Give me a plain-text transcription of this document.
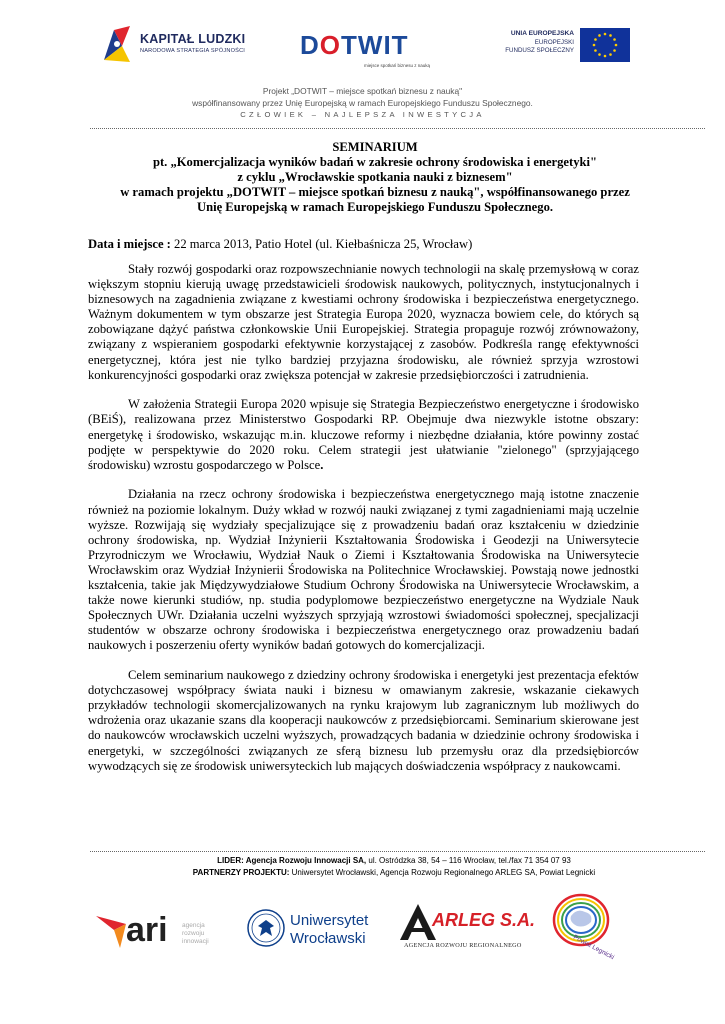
KAPITAŁ LUDZKI
NARODOWA STRATEGIA SPÓJNOŚCI DOTWIT
miejsce spotkań biznesu z nauką
UNIA EUROPEJSKA
EUROPEJSKI
FUNDUSZ SPOŁECZNY
Projekt „DOTWIT – miejsce spotkań biznesu z nauką"
współfinansowany przez Unię Europejską w ramach Europejskiego Funduszu Społecznego.
CZŁOWIEK – NAJLEPSZA INWESTYCJA
SEMINARIUM
pt. „Komercjalizacja wyników badań w zakresie ochrony środowiska i energetyki"
z cyklu „Wrocławskie spotkania nauki z biznesem"
w ramach projektu „DOTWIT – miejsce spotkań biznesu z nauką", współfinansowanego przez
Unię Europejską w ramach Europejskiego Funduszu Społecznego.
Data i miejsce : 22 marca 2013, Patio Hotel (ul. Kiełbaśnicza 25, Wrocław)

Stały rozwój gospodarki oraz rozpowszechnianie nowych technologii na skalę przemysłową w coraz większym stopniu kierują uwagę przedstawicieli środowisk naukowych, politycznych, instytucjonalnych i biznesowych na zagadnienia związane z kwestiami ochrony środowiska i bezpieczeństwa energetycznego. Ważnym dokumentem w tym obszarze jest Strategia Europa 2020, wyznacza bowiem cele, do których są zobowiązane dążyć państwa członkowskie Unii Europejskiej. Strategia propaguje rozwój zrównoważony, związany z wspieraniem gospodarki efektywnie korzystającej z zasobów. Podkreśla rangę efektywności energetycznej, która jest nie tylko bardziej przyjazna środowisku, ale również sprzyja wzrostowi konkurencyjności gospodarki oraz zwiększa potencjał w zakresie przedsiębiorczości i zatrudnienia.

W założenia Strategii Europa 2020 wpisuje się Strategia Bezpieczeństwo energetyczne i środowisko (BEiŚ), realizowana przez Ministerstwo Gospodarki RP. Obejmuje dwa niezwykle istotne obszary: energetykę i środowisko, wskazując m.in. kluczowe reformy i niezbędne działania, które powinny zostać podjęte w perspektywie do 2020 roku. Celem strategii jest ułatwianie "zielonego" (sprzyjającego środowisku) wzrostu gospodarczego w Polsce.

Działania na rzecz ochrony środowiska i bezpieczeństwa energetycznego mają istotne znaczenie również na poziomie lokalnym. Duży wkład w rozwój nauki związanej z tymi zagadnieniami mają uczelnie wyższe. Rozwijają się wydziały specjalizujące się z prowadzeniu badań oraz kształceniu w dziedzinie ochrony środowiska, np. Wydział Inżynierii Kształtowania Środowiska i Geodezji na Uniwersytecie Przyrodniczym we Wrocławiu, Wydział Nauk o Ziemi i Kształtowania Środowiska na Uniwersytecie Wrocławskim oraz Wydział Inżynierii Środowiska na Politechnice Wrocławskiej. Powstają nowe jednostki kształcenia, takie jak Międzywydziałowe Studium Ochrony Środowiska na Uniwersytecie Wrocławskim, a także nowe kierunki studiów, np. studia podyplomowe bezpieczeństwo energetyczne na Wydziale Nauk Społecznych UWr. Działania uczelni wyższych sprzyjają wzrostowi świadomości społecznej, specjalizacji studentów w obszarze ochrony środowiska i bezpieczeństwa energetycznego oraz prowadzeniu badań naukowych i poszerzeniu oferty wyników badań gotowych do komercjalizacji.

Celem seminarium naukowego z dziedziny ochrony środowiska i energetyki jest prezentacja efektów dotychczasowej współpracy świata nauki i biznesu w omawianym zakresie, wskazanie ciekawych przykładów technologii skomercjalizowanych na rynku krajowym lub zagranicznym lub możliwych do wdrożenia oraz ukazanie szans dla kooperacji naukowców z przedsiębiorcami. Seminarium skierowane jest do naukowców wrocławskich uczelni wyższych, prowadzących badania w dziedzinie ochrony środowiska i energetyki, w szczególności związanych ze sferą biznesu lub przemysłu oraz dla przedsiębiorców wywodzących się ze środowisk uniwersyteckich lub mających doświadczenia współpracy z naukowcami.

LIDER: Agencja Rozwoju Innowacji SA, ul. Ostródzka 38, 54 – 116 Wrocław, tel./fax 71 354 07 93
PARTNERZY PROJEKTU: Uniwersytet Wrocławski, Agencja Rozwoju Regionalnego ARLEG SA, Powiat Legnicki
ari agencja
rozwoju
innowacji
Uniwersytet
Wrocławski
ARLEG S.A.
AGENCJA ROZWOJU REGIONALNEGO	Powiat Legnicki
